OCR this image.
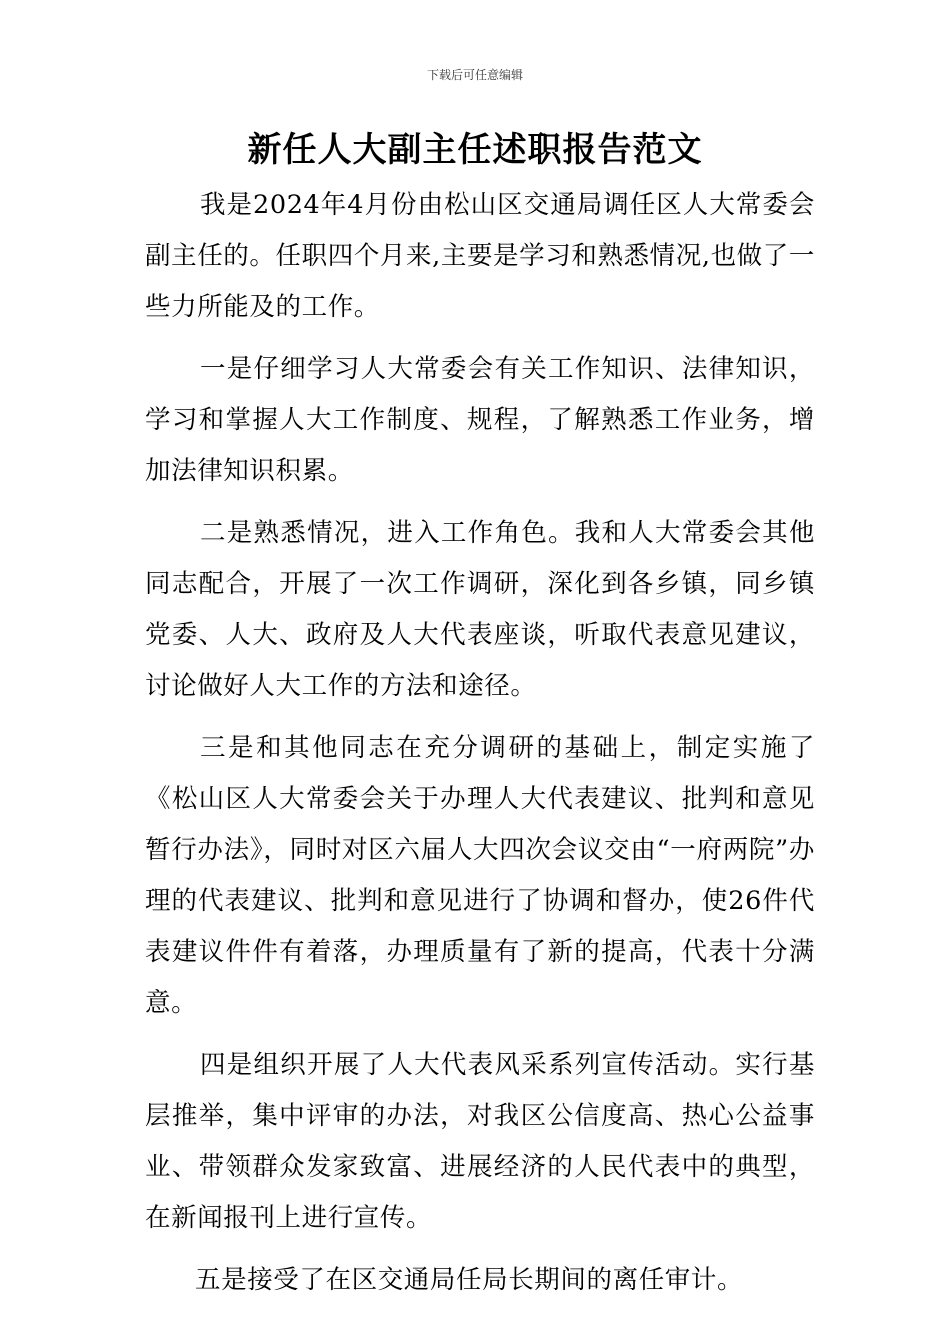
下载后可任意编辑
新任人大副主任述职报告范文

我是2024年4月份由松山区交通局调任区人大常委会副主任的。任职四个月来,主要是学习和熟悉情况,也做了一些力所能及的工作。

一是仔细学习人大常委会有关工作知识、法律知识，学习和掌握人大工作制度、规程，了解熟悉工作业务，增加法律知识积累。

二是熟悉情况，进入工作角色。我和人大常委会其他同志配合，开展了一次工作调研，深化到各乡镇，同乡镇党委、人大、政府及人大代表座谈，听取代表意见建议，讨论做好人大工作的方法和途径。

三是和其他同志在充分调研的基础上，制定实施了《松山区人大常委会关于办理人大代表建议、批判和意见暂行办法》，同时对区六届人大四次会议交由“一府两院”办理的代表建议、批判和意见进行了协调和督办，使26件代表建议件件有着落，办理质量有了新的提高，代表十分满意。

四是组织开展了人大代表风采系列宣传活动。实行基层推举，集中评审的办法，对我区公信度高、热心公益事业、带领群众发家致富、进展经济的人民代表中的典型，在新闻报刊上进行宣传。

五是接受了在区交通局任局长期间的离任审计。
